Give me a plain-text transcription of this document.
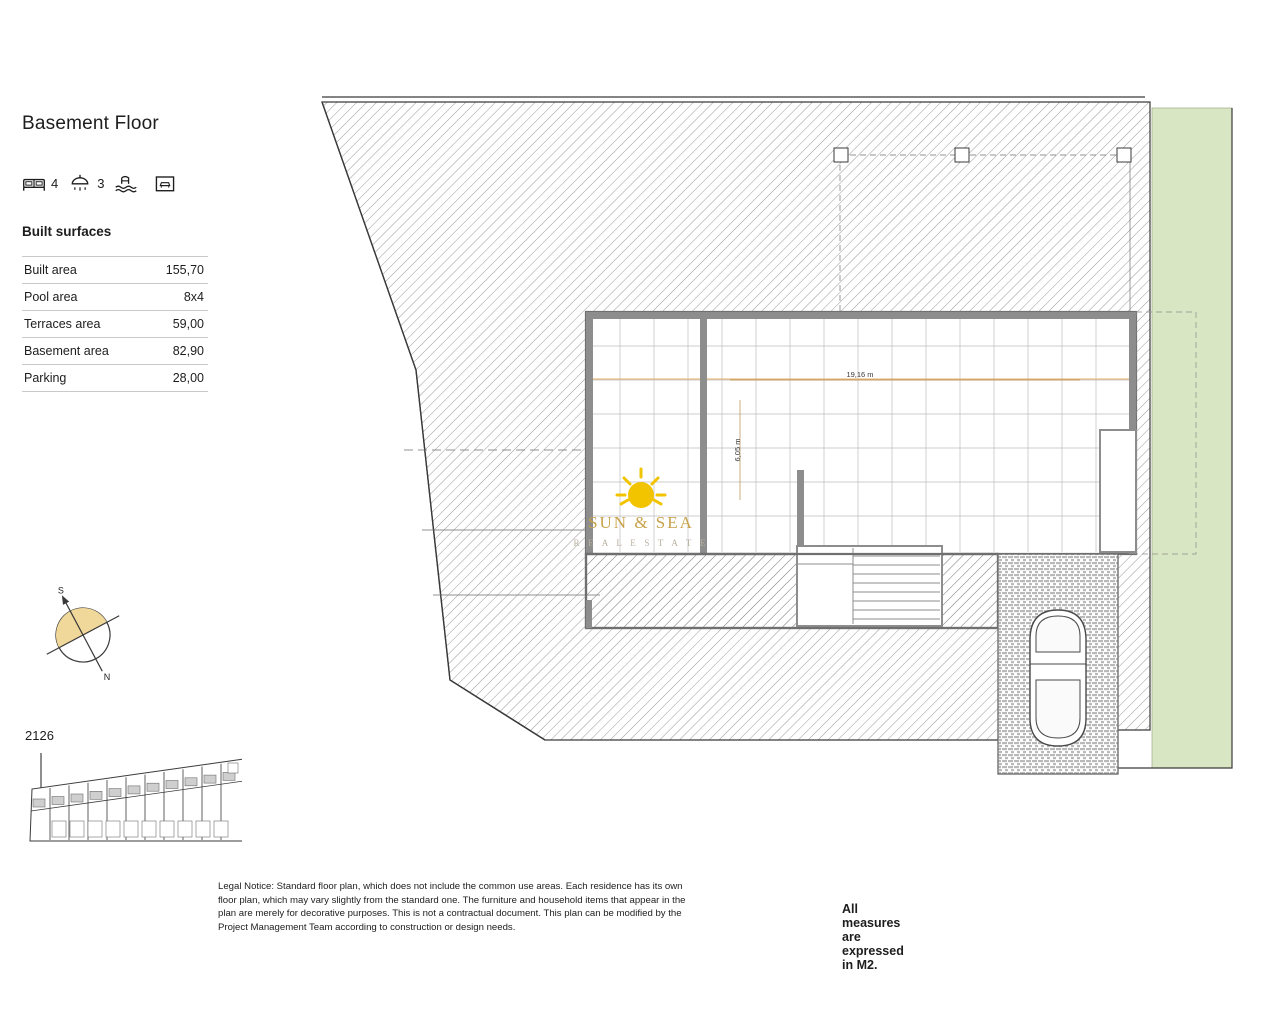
Basement Floor
4	3
Built surfaces
Built area	155,70
Pool area	8x4
Terraces area	59,00
Basement area	82,90
Parking	28,00
S
N
2126
Legal Notice: Standard floor plan, which does not include the common use areas. Each residence has its own floor plan, which may vary slightly from the standard one. The furniture and household items that appear in the plan are merely for decorative purposes. This is not a contractual document. This plan can be modified by the Project Management Team according to construction or design needs.
All measures are expressed in M2.
19,16 m
6,05 m
SUN & SEA
R E A L E S T A T E
